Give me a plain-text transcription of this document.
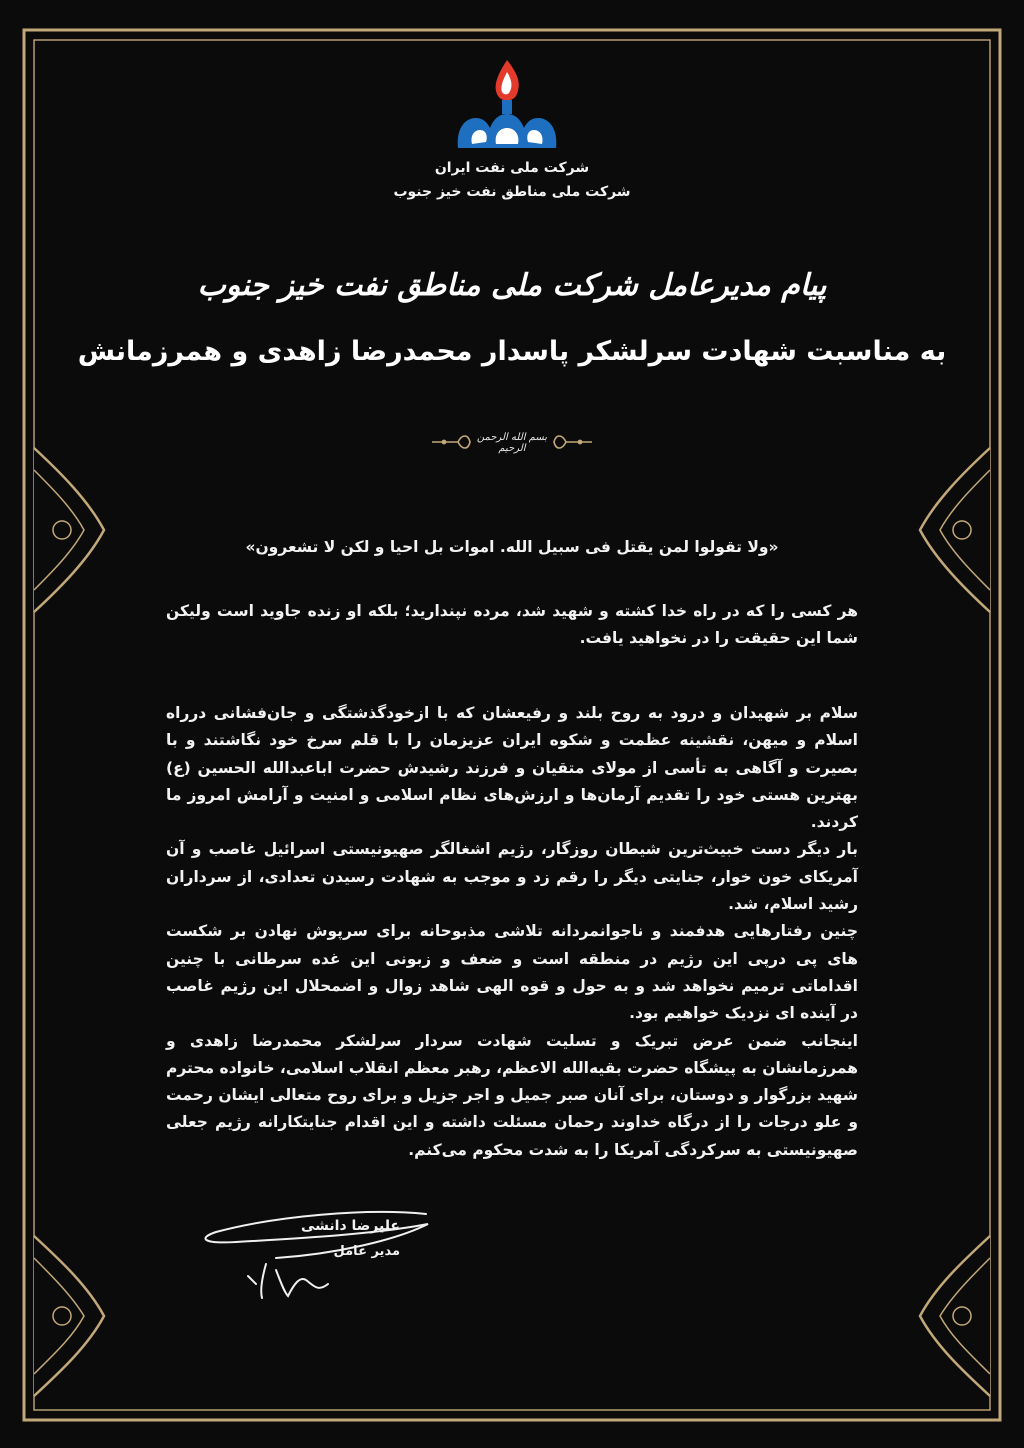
شرکت ملی نفت ایران
شرکت ملی مناطق نفت خیز جنوب
پیام مدیرعامل شرکت ملی مناطق نفت خیز جنوب
به مناسبت شهادت سرلشکر پاسدار محمدرضا زاهدی و همرزمانش
بسم الله الرحمن الرحیم
«ولا تقولوا لمن یقتل فی سبیل الله. اموات بل احیا و لکن لا تشعرون»

هر کسی را که در راه خدا کشته و شهید شد، مرده نپندارید؛ بلکه او زنده جاوید است ولیکن شما این حقیقت را در نخواهید یافت.

سلام بر شهیدان و درود به روح بلند و رفیعشان که با ازخودگذشتگی و جان‌فشانی درراه اسلام و میهن، نقشینه عظمت و شکوه ایران عزیزمان را با قلم سرخ خود نگاشتند و با بصیرت و آگاهی به تأسی از مولای متقیان و فرزند رشیدش حضرت اباعبدالله الحسین (ع) بهترین هستی خود را تقدیم آرمان‌ها و ارزش‌های نظام اسلامی و امنیت و آرامش امروز ما کردند.

بار دیگر دست خبیث‌ترین شیطان روزگار، رژیم اشغالگر صهیونیستی اسرائیل غاصب و آن آمریکای خون خوار، جنایتی دیگر را رقم زد و موجب به شهادت رسیدن تعدادی، از سرداران رشید اسلام، شد.

چنین رفتارهایی هدفمند و ناجوانمردانه تلاشی مذبوحانه برای سرپوش نهادن بر شکست های پی درپی این رژیم در منطقه است و ضعف و زبونی این غده سرطانی با چنین اقداماتی ترمیم نخواهد شد و به حول و قوه الهی شاهد زوال و اضمحلال این رژیم غاصب در آینده ای نزدیک خواهیم بود.

اینجانب ضمن عرض تبریک و تسلیت شهادت سردار سرلشکر محمدرضا زاهدی و همرزمانشان به پیشگاه حضرت بقیه‌الله الاعظم، رهبر معظم انقلاب اسلامی، خانواده محترم شهید بزرگوار و دوستان، برای آنان صبر جمیل و اجر جزیل و برای روح متعالی ایشان رحمت و علو درجات را از درگاه خداوند رحمان مسئلت داشته و این اقدام جنایتکارانه رژیم جعلی صهیونیستی به سرکردگی آمریکا را به شدت محکوم می‌کنم.

علیرضا دانشی
مدیر عامل
